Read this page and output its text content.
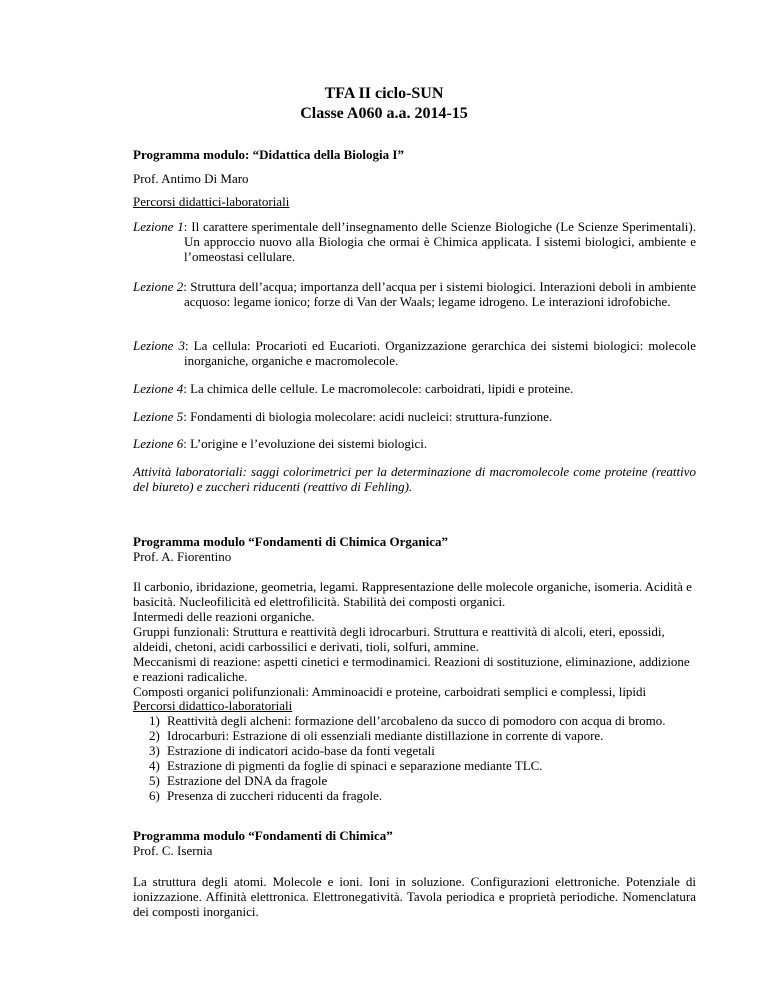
TFA II ciclo-SUN
Classe A060 a.a. 2014-15
Programma modulo: “Didattica della Biologia I”
Prof. Antimo Di Maro
Percorsi didattici-laboratoriali
Lezione 1: Il carattere sperimentale dell’insegnamento delle Scienze Biologiche (Le Scienze Sperimentali). Un approccio nuovo alla Biologia che ormai è Chimica applicata. I sistemi biologici, ambiente e l’omeostasi cellulare.
Lezione 2: Struttura dell’acqua; importanza dell’acqua per i sistemi biologici. Interazioni deboli in ambiente acquoso: legame ionico; forze di Van der Waals; legame idrogeno. Le interazioni idrofobiche.
Lezione 3: La cellula: Procarioti ed Eucarioti. Organizzazione gerarchica dei sistemi biologici: molecole inorganiche, organiche e macromolecole.
Lezione 4: La chimica delle cellule. Le macromolecole: carboidrati, lipidi e proteine.
Lezione 5: Fondamenti di biologia molecolare: acidi nucleici: struttura-funzione.
Lezione 6: L’origine e l’evoluzione dei sistemi biologici.
Attività laboratoriali: saggi colorimetrici per la determinazione di macromolecole come proteine (reattivo del biureto) e zuccheri riducenti (reattivo di Fehling).
Programma modulo “Fondamenti di Chimica Organica”
Prof. A. Fiorentino
Il carbonio, ibridazione, geometria, legami. Rappresentazione delle molecole organiche, isomeria. Acidità e basicità. Nucleofilicità ed elettrofilicità. Stabilità dei composti organici.
Intermedi delle reazioni organiche.
Gruppi funzionali: Struttura e reattività degli idrocarburi. Struttura e reattività di alcoli, eteri, epossidi, aldeidi, chetoni, acidi carbossilici e derivati, tioli, solfuri, ammine.
Meccanismi di reazione: aspetti cinetici e termodinamici. Reazioni di sostituzione, eliminazione, addizione e reazioni radicaliche.
Composti organici polifunzionali: Amminoacidi e proteine, carboidrati semplici e complessi, lipidi
Percorsi didattico-laboratoriali
1) Reattività degli alcheni: formazione dell’arcobaleno da succo di pomodoro con acqua di bromo.
2) Idrocarburi: Estrazione di oli essenziali mediante distillazione in corrente di vapore.
3) Estrazione di indicatori acido-base da fonti vegetali
4) Estrazione di pigmenti da foglie di spinaci e separazione mediante TLC.
5) Estrazione del DNA da fragole
6) Presenza di zuccheri riducenti da fragole.
Programma modulo “Fondamenti di Chimica”
Prof. C. Isernia
La struttura degli atomi. Molecole e ioni. Ioni in soluzione. Configurazioni elettroniche. Potenziale di ionizzazione. Affinità elettronica. Elettronegatività. Tavola periodica e proprietà periodiche. Nomenclatura dei composti inorganici.
